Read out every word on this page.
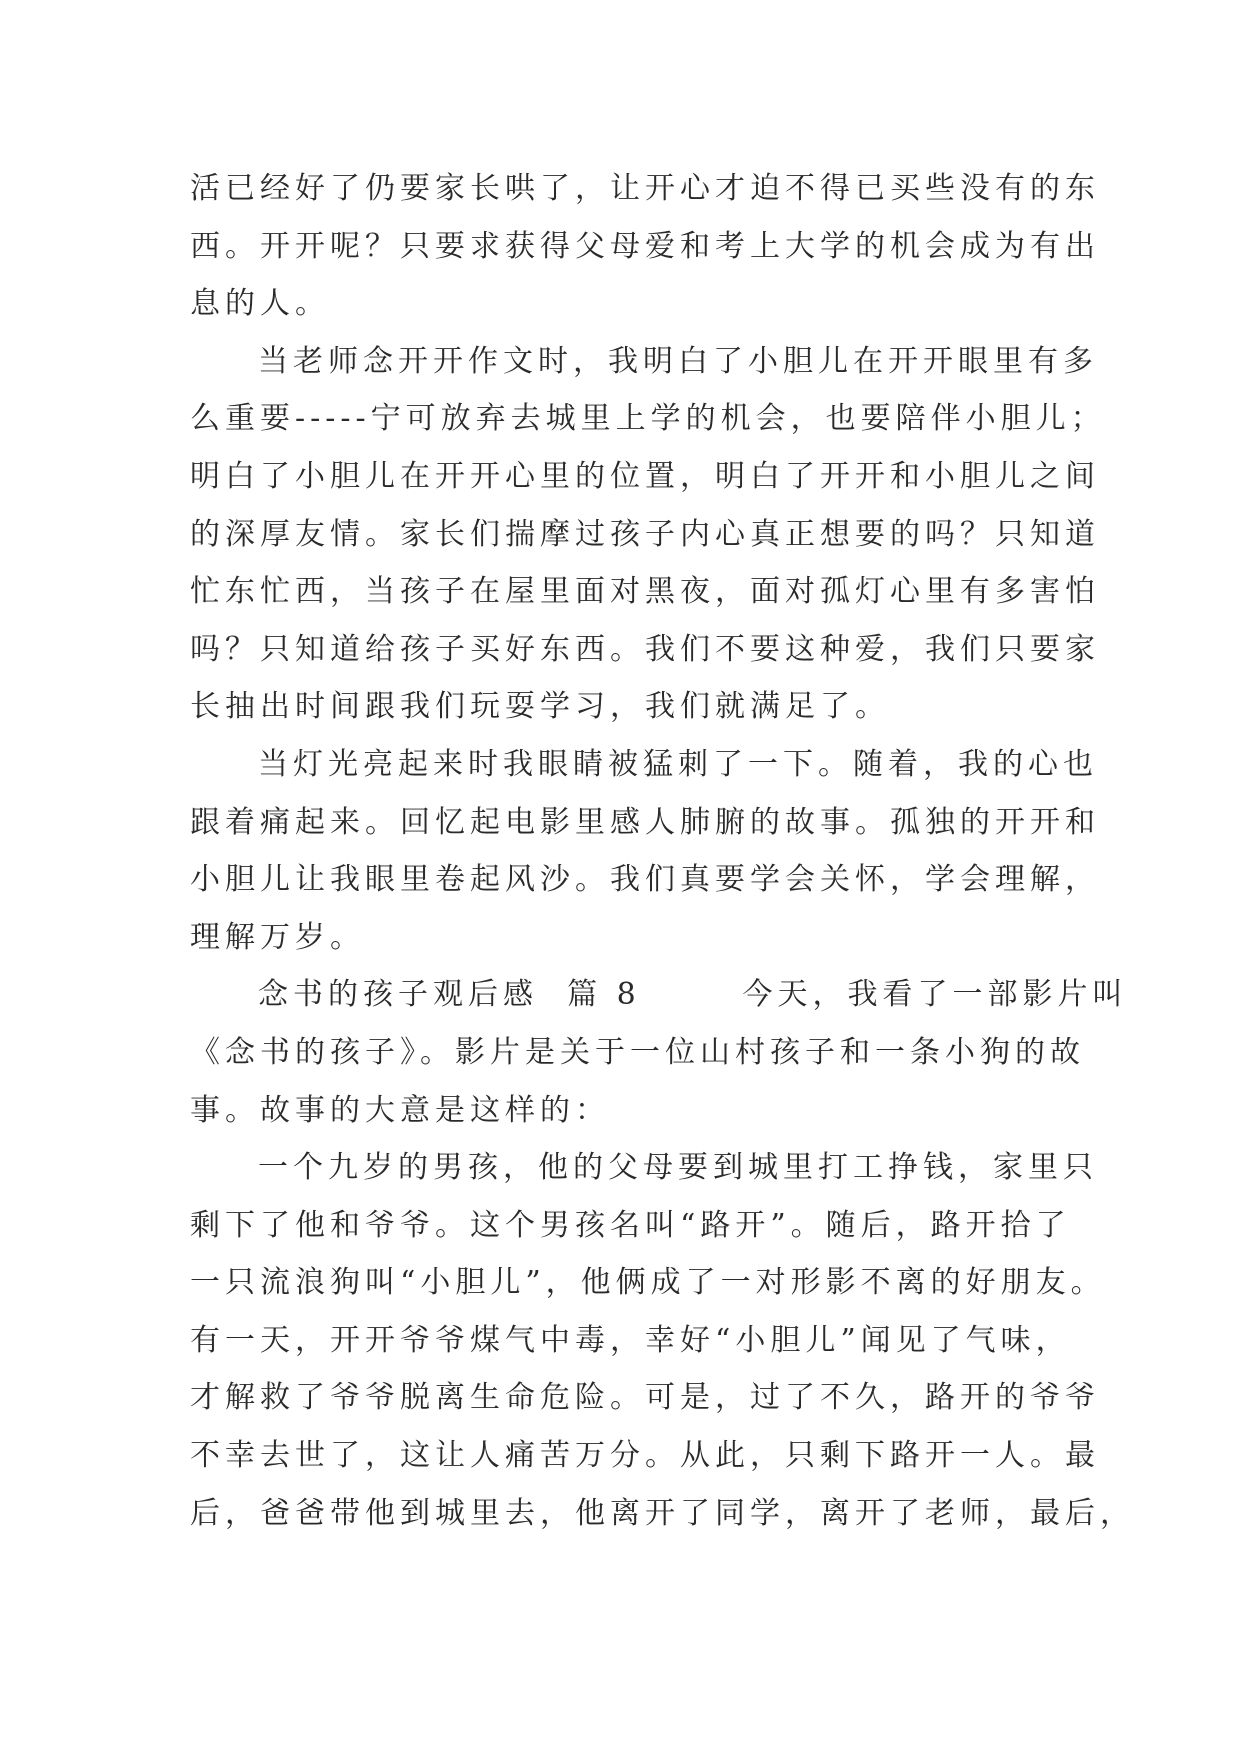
活已经好了仍要家长哄了，让开心才迫不得已买些没有的东
西。开开呢？只要求获得父母爱和考上大学的机会成为有出
息的人。
当老师念开开作文时，我明白了小胆儿在开开眼里有多
么重要-----宁可放弃去城里上学的机会，也要陪伴小胆儿；
明白了小胆儿在开开心里的位置，明白了开开和小胆儿之间
的深厚友情。家长们揣摩过孩子内心真正想要的吗？只知道
忙东忙西，当孩子在屋里面对黑夜，面对孤灯心里有多害怕
吗？只知道给孩子买好东西。我们不要这种爱，我们只要家
长抽出时间跟我们玩耍学习，我们就满足了。
当灯光亮起来时我眼睛被猛刺了一下。随着，我的心也
跟着痛起来。回忆起电影里感人肺腑的故事。孤独的开开和
小胆儿让我眼里卷起风沙。我们真要学会关怀，学会理解，
理解万岁。
念书的孩子观后感  篇 8       今天，我看了一部影片叫
《念书的孩子》。影片是关于一位山村孩子和一条小狗的故
事。故事的大意是这样的：
一个九岁的男孩，他的父母要到城里打工挣钱，家里只
剩下了他和爷爷。这个男孩名叫“路开”。随后，路开拾了
一只流浪狗叫“小胆儿”，他俩成了一对形影不离的好朋友。
有一天，开开爷爷煤气中毒，幸好“小胆儿”闻见了气味，
才解救了爷爷脱离生命危险。可是，过了不久，路开的爷爷
不幸去世了，这让人痛苦万分。从此，只剩下路开一人。最
后，爸爸带他到城里去，他离开了同学，离开了老师，最后，
